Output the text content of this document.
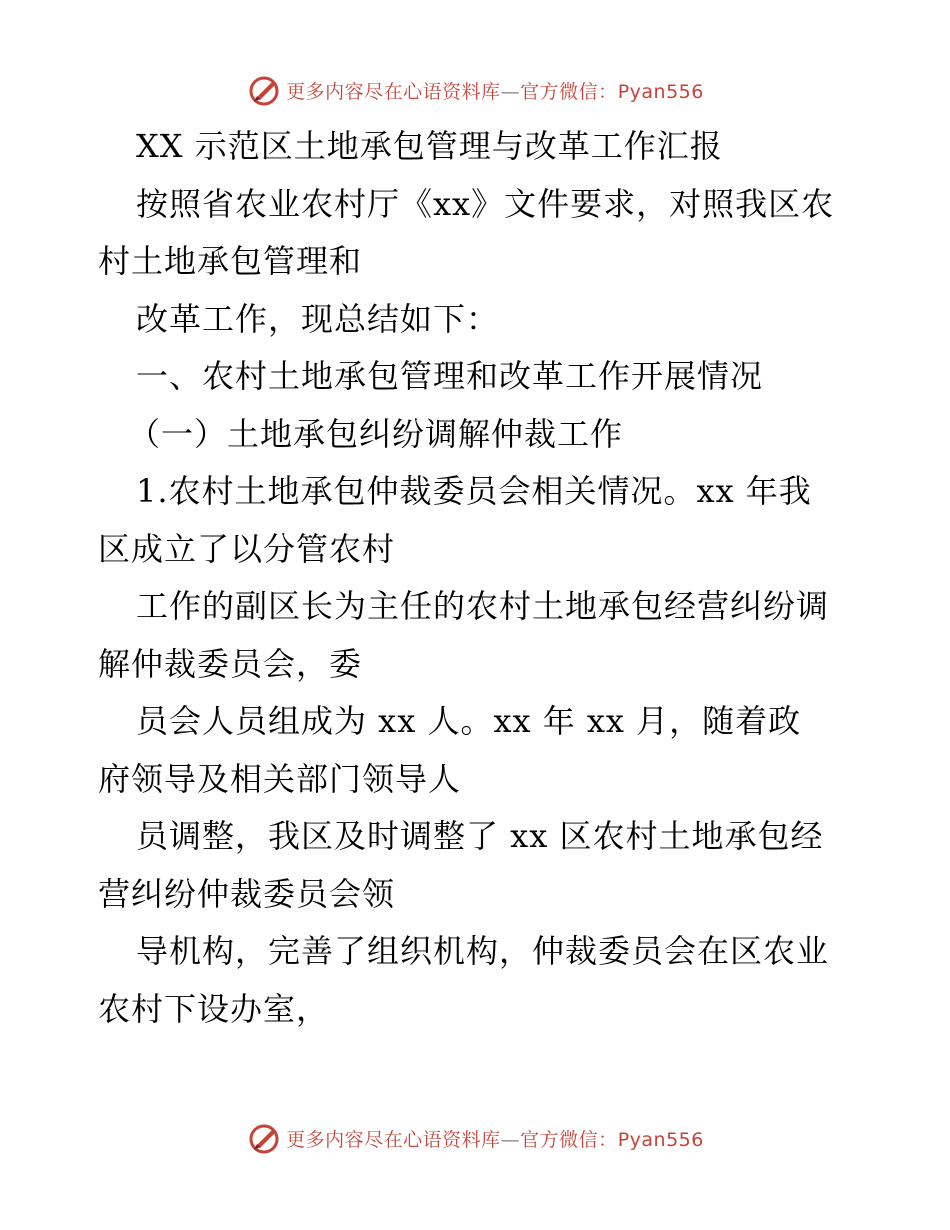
更多内容尽在心语资料库—官方微信：Pyan556
XX 示范区土地承包管理与改革工作汇报
按照省农业农村厅《xx》文件要求，对照我区农
村土地承包管理和
改革工作，现总结如下：
一、农村土地承包管理和改革工作开展情况
（一）土地承包纠纷调解仲裁工作
1.农村土地承包仲裁委员会相关情况。xx 年我
区成立了以分管农村
工作的副区长为主任的农村土地承包经营纠纷调
解仲裁委员会，委
员会人员组成为 xx 人。xx 年 xx 月，随着政
府领导及相关部门领导人
员调整，我区及时调整了 xx 区农村土地承包经
营纠纷仲裁委员会领
导机构，完善了组织机构，仲裁委员会在区农业
农村下设办室，
更多内容尽在心语资料库—官方微信：Pyan556
